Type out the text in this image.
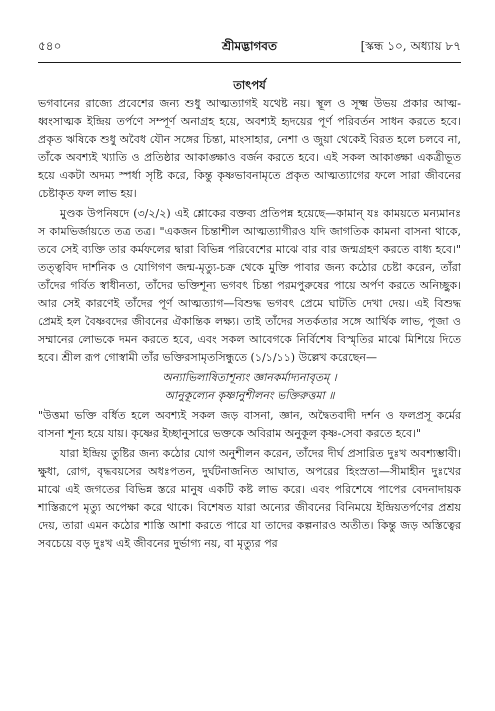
৫৪০	শ্রীমদ্ভাগবত	[স্কন্ধ ১০, অধ্যায় ৮৭
তাৎপর্য

ভগবানের রাজ্যে প্রবেশের জন্য শুধু আত্মত্যাগই যথেষ্ট নয়। স্থূল ও সূক্ষ্ম উভয় প্রকার আত্ম-ধ্বংসাত্মক ইন্দ্রিয় তর্পণে সম্পূর্ণ অনাগ্রহ হয়ে, অবশ্যই হৃদয়ের পূর্ণ পরিবর্তন সাধন করতে হবে। প্রকৃত ঋষিকে শুধু অবৈধ যৌন সঙ্গের চিন্তা, মাংসাহার, নেশা ও জুয়া থেকেই বিরত হলে চলবে না, তাঁকে অবশ্যই খ্যাতি ও প্রতিষ্ঠার আকাঙ্ক্ষাও বর্জন করতে হবে। এই সকল আকাঙ্ক্ষা একত্রীভূত হয়ে একটা অদম্য স্পর্ধা সৃষ্টি করে, কিন্তু কৃষ্ণভাবনামৃতে প্রকৃত আত্মত্যাগের ফলে সারা জীবনের চেষ্টাকৃত ফল লাভ হয়।

মুণ্ডক উপনিষদে (৩/২/২) এই শ্লোকের বক্তব্য প্রতিপন্ন হয়েছে—কামান্‌ যঃ কাময়তে মন্যমানঃ স কামভির্জায়তে তত্র তত্র। "একজন চিন্তাশীল আত্মত্যাগীরও যদি জাগতিক কামনা বাসনা থাকে, তবে সেই ব্যক্তি তার কর্মফলের দ্বারা বিভিন্ন পরিবেশের মাঝে বার বার জন্মগ্রহণ করতে বাধ্য হবে।" তত্ত্ববিদ দার্শনিক ও যোগিগণ জন্ম-মৃত্যু-চক্র থেকে মুক্তি পাবার জন্য কঠোর চেষ্টা করেন, তাঁরা তাঁদের গর্বিত স্বাধীনতা, তাঁদের ভক্তিশূন্য ভগবৎ চিন্তা পরমপুরুষের পায়ে অর্পণ করতে অনিচ্ছুক। আর সেই কারণেই তাঁদের পূর্ণ আত্মত্যাগ—বিশুদ্ধ ভগবৎ প্রেমে ঘাটতি দেখা দেয়। এই বিশুদ্ধ প্রেমই হল বৈষ্ণবদের জীবনের ঐকান্তিক লক্ষ্য। তাই তাঁদের সতর্কতার সঙ্গে আর্থিক লাভ, পূজা ও সম্মানের লোভকে দমন করতে হবে, এবং সকল আবেগকে নির্বিশেষ বিস্মৃতির মাঝে মিশিয়ে দিতে হবে। শ্রীল রূপ গোস্বামী তাঁর ভক্তিরসামৃতসিন্ধুতে (১/১/১১) উল্লেখ করেছেন—

অন্যাভিলাষিতাশূন্যং জ্ঞানকর্মাদ্যনাবৃতম্‌ ।
আনুকূল্যেন কৃষ্ণানুশীলনং ভক্তিরুত্তমা ॥

"উত্তমা ভক্তি বর্ধিত হলে অবশ্যই সকল জড় বাসনা, জ্ঞান, অদ্বৈতবাদী দর্শন ও ফলপ্রসূ কর্মের বাসনা শূন্য হয়ে যায়। কৃষ্ণের ইচ্ছানুসারে ভক্তকে অবিরাম অনুকূল কৃষ্ণ-সেবা করতে হবে।"

যারা ইন্দ্রিয় তুষ্টির জন্য কঠোর যোগ অনুশীলন করেন, তাঁদের দীর্ঘ প্রসারিত দুঃখ অবশ্যম্ভাবী। ক্ষুধা, রোগ, বৃদ্ধবয়সের অধঃপতন, দুর্ঘটনাজনিত আঘাত, অপরের হিংস্রতা—সীমাহীন দুঃখের মাঝে এই জগতের বিভিন্ন স্তরে মানুষ একটি কষ্ট লাভ করে। এবং পরিশেষে পাপের বেদনাদায়ক শাস্তিরূপে মৃত্যু অপেক্ষা করে থাকে। বিশেষত যারা অন্যের জীবনের বিনিময়ে ইন্দ্রিয়তর্পণের প্রশ্রয় দেয়, তারা এমন কঠোর শাস্তি আশা করতে পারে যা তাদের কল্পনারও অতীত। কিন্তু জড় অস্তিত্বের সবচেয়ে বড় দুঃখ এই জীবনের দুর্ভাগ্য নয়, বা মৃত্যুর পর
